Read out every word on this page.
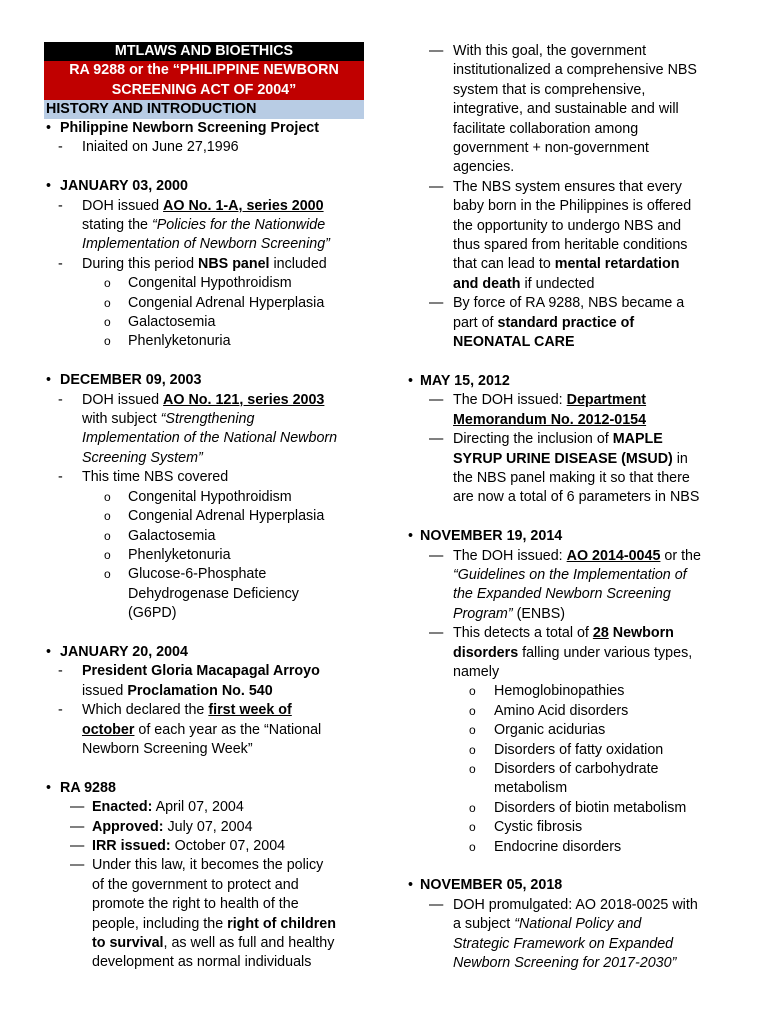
MTLAWS AND BIOETHICS
RA 9288 or the “PHILIPPINE NEWBORN
SCREENING ACT OF 2004”
HISTORY AND INTRODUCTION
• Philippine Newborn Screening Project
- Iniaited on June 27,1996
• JANUARY 03, 2000
- DOH issued AO No. 1-A, series 2000
stating the “Policies for the Nationwide
Implementation of Newborn Screening”
- During this period NBS panel included
o Congenital Hypothroidism
o Congenial Adrenal Hyperplasia
o Galactosemia
o Phenlyketonuria
• DECEMBER 09, 2003
- DOH issued AO No. 121, series 2003
with subject “Strengthening
Implementation of the National Newborn
Screening System”
- This time NBS covered
o Congenital Hypothroidism
o Congenial Adrenal Hyperplasia
o Galactosemia
o Phenlyketonuria
o Glucose-6-Phosphate
Dehydrogenase Deficiency
(G6PD)
• JANUARY 20, 2004
- President Gloria Macapagal Arroyo
issued Proclamation No. 540
- Which declared the first week of
october of each year as the “National
Newborn Screening Week”
• RA 9288
— Enacted: April 07, 2004
— Approved: July 07, 2004
— IRR issued: October 07, 2004
— Under this law, it becomes the policy
of the government to protect and
promote the right to health of the
people, including the right of children
to survival, as well as full and healthy
development as normal individuals
— With this goal, the government
institutionalized a comprehensive NBS
system that is comprehensive,
integrative, and sustainable and will
facilitate collaboration among
government + non-government
agencies.
— The NBS system ensures that every
baby born in the Philippines is offered
the opportunity to undergo NBS and
thus spared from heritable conditions
that can lead to mental retardation
and death if undected
— By force of RA 9288, NBS became a
part of standard practice of
NEONATAL CARE
• MAY 15, 2012
— The DOH issued: Department
Memorandum No. 2012-0154
— Directing the inclusion of MAPLE
SYRUP URINE DISEASE (MSUD) in
the NBS panel making it so that there
are now a total of 6 parameters in NBS
• NOVEMBER 19, 2014
— The DOH issued: AO 2014-0045 or the
“Guidelines on the Implementation of
the Expanded Newborn Screening
Program” (ENBS)
— This detects a total of 28 Newborn
disorders falling under various types,
namely
o Hemoglobinopathies
o Amino Acid disorders
o Organic acidurias
o Disorders of fatty oxidation
o Disorders of carbohydrate
metabolism
o Disorders of biotin metabolism
o Cystic fibrosis
o Endocrine disorders
• NOVEMBER 05, 2018
— DOH promulgated: AO 2018-0025 with
a subject “National Policy and
Strategic Framework on Expanded
Newborn Screening for 2017-2030”
